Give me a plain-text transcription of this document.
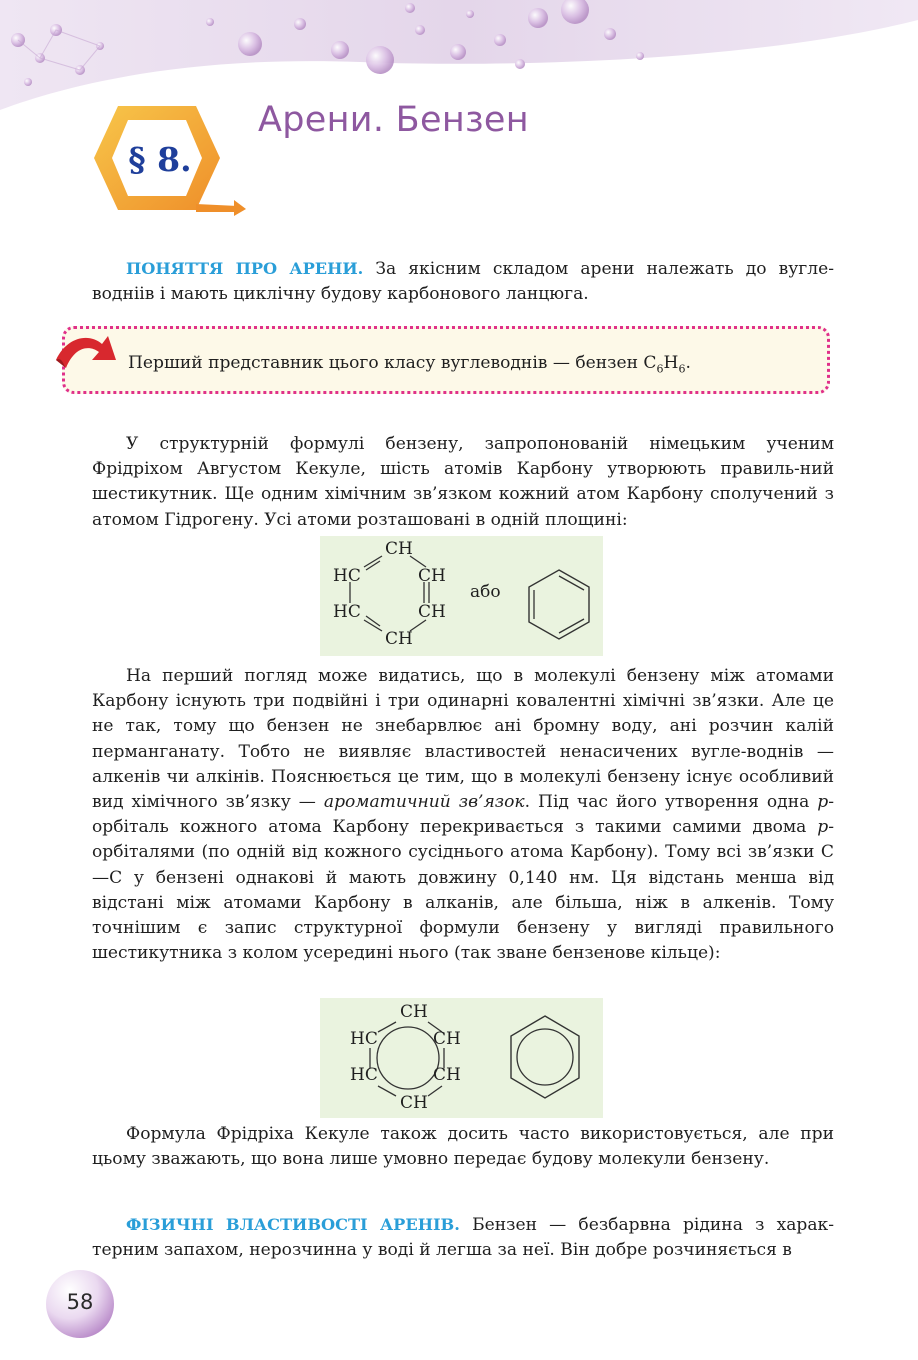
§ 8.
Арени. Бензен

ПОНЯТТЯ ПРО АРЕНИ. За якісним складом арени належать до вугле-водніів і мають циклічну будову карбонового ланцюга.

Перший представник цього класу вуглеводнів — бензен $C_6H_6$.

У структурній формулі бензену, запропонованій німецьким ученим Фрідріхом Августом Кекуле, шість атомів Карбону утворюють правиль-ний шестикутник. Ще одним хімічним зв’язком кожний атом Карбону сполучений з атомом Гідрогену. Усі атоми розташовані в одній площині:

CH
HC	CH
HC	CH
CH
або

На перший погляд може видатись, що в молекулі бензену між атомами Карбону існують три подвійні і три одинарні ковалентні хімічні зв’язки. Але це не так, тому що бензен не знебарвлює ані бромну воду, ані розчин калій перманганату. Тобто не виявляє властивостей ненасичених вугле-воднів — алкенів чи алкінів. Пояснюється це тим, що в молекулі бензену існує особливий вид хімічного зв’язку — ароматичний зв’язок. Під час його утворення одна p-орбіталь кожного атома Карбону перекривається з такими самими двома p-орбіталями (по одній від кожного сусіднього атома Карбону). Тому всі зв’язки С—С у бензені однакові й мають довжину 0,140 нм. Ця відстань менша від відстані між атомами Карбону в алканів, але більша, ніж в алкенів. Тому точнішим є запис структурної формули бензену у вигляді правильного шестикутника з колом усередині нього (так зване бензенове кільце):

CH
HC	CH
HC	CH
CH

Формула Фрідріха Кекуле також досить часто використовується, але при цьому зважають, що вона лише умовно передає будову молекули бензену.

ФІЗИЧНІ ВЛАСТИВОСТІ АРЕНІВ. Бензен — безбарвна рідина з харак-терним запахом, нерозчинна у воді й легша за неї. Він добре розчиняється в

58
